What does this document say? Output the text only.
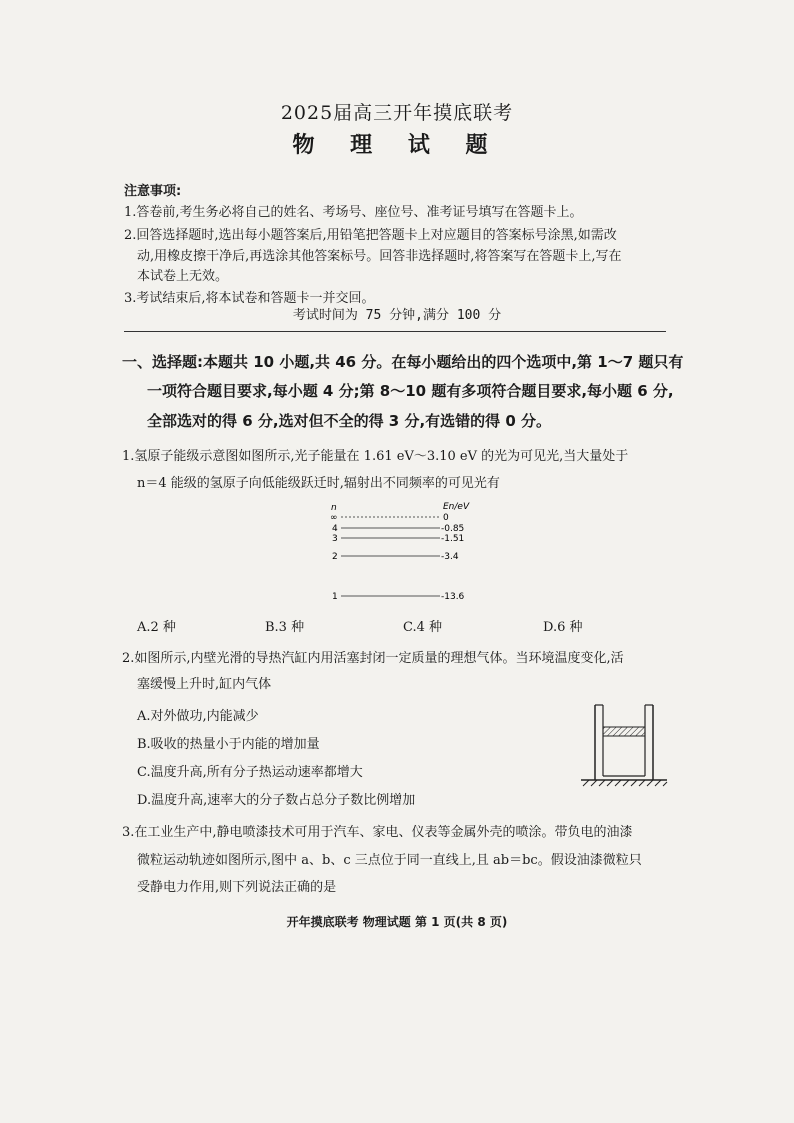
2025届高三开年摸底联考
物 理 试 题
注意事项:
1.答卷前,考生务必将自己的姓名、考场号、座位号、准考证号填写在答题卡上。
2.回答选择题时,选出每小题答案后,用铅笔把答题卡上对应题目的答案标号涂黑,如需改
动,用橡皮擦干净后,再选涂其他答案标号。回答非选择题时,将答案写在答题卡上,写在
本试卷上无效。
3.考试结束后,将本试卷和答题卡一并交回。
考试时间为 75 分钟,满分 100 分
一、选择题:本题共 10 小题,共 46 分。在每小题给出的四个选项中,第 1～7 题只有
一项符合题目要求,每小题 4 分;第 8～10 题有多项符合题目要求,每小题 6 分,
全部选对的得 6 分,选对但不全的得 3 分,有选错的得 0 分。
1.氢原子能级示意图如图所示,光子能量在 1.61 eV～3.10 eV 的光为可见光,当大量处于
n＝4 能级的氢原子向低能级跃迁时,辐射出不同频率的可见光有
n	En/eV
∞	0
4	-0.85
3	-1.51
2	-3.4
1	-13.6
A.2 种	B.3 种	C.4 种	D.6 种
2.如图所示,内壁光滑的导热汽缸内用活塞封闭一定质量的理想气体。当环境温度变化,活
塞缓慢上升时,缸内气体
A.对外做功,内能减少
B.吸收的热量小于内能的增加量
C.温度升高,所有分子热运动速率都增大
D.温度升高,速率大的分子数占总分子数比例增加
3.在工业生产中,静电喷漆技术可用于汽车、家电、仪表等金属外壳的喷涂。带负电的油漆
微粒运动轨迹如图所示,图中 a、b、c 三点位于同一直线上,且 ab＝bc。假设油漆微粒只
受静电力作用,则下列说法正确的是
开年摸底联考 物理试题 第 1 页(共 8 页)
